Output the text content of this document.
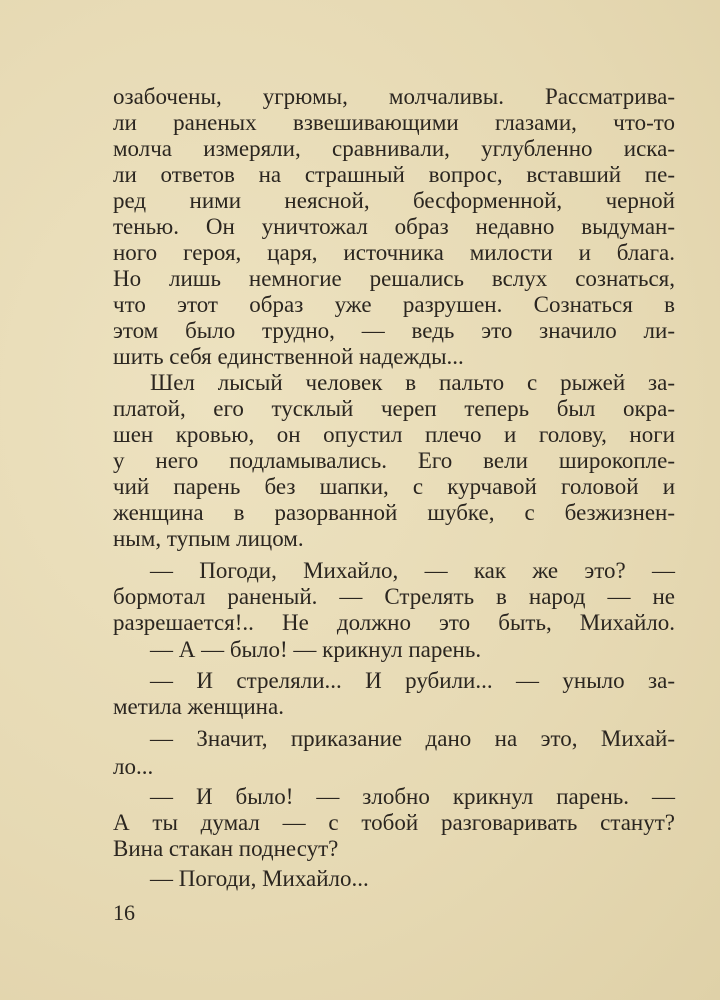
озабочены, угрюмы, молчаливы. Рассматрива-
ли раненых взвешивающими глазами, что-то
молча измеряли, сравнивали, углубленно иска-
ли ответов на страшный вопрос, вставший пе-
ред ними неясной, бесформенной, черной
тенью. Он уничтожал образ недавно выдуман-
ного героя, царя, источника милости и блага.
Но лишь немногие решались вслух сознаться,
что этот образ уже разрушен. Сознаться в
этом было трудно, — ведь это значило ли-
шить себя единственной надежды...
Шел лысый человек в пальто с рыжей за-
платой, его тусклый череп теперь был окра-
шен кровью, он опустил плечо и голову, ноги
у него подламывались. Его вели широкопле-
чий парень без шапки, с курчавой головой и
женщина в разорванной шубке, с безжизнен-
ным, тупым лицом.
— Погоди, Михайло, — как же это? —
бормотал раненый. — Стрелять в народ — не
разрешается!.. Не должно это быть, Михайло.
— А — было! — крикнул парень.
— И стреляли... И рубили... — уныло за-
метила женщина.
— Значит, приказание дано на это, Михай-
ло...
— И было! — злобно крикнул парень. —
А ты думал — с тобой разговаривать станут?
Вина стакан поднесут?
— Погоди, Михайло...
16
